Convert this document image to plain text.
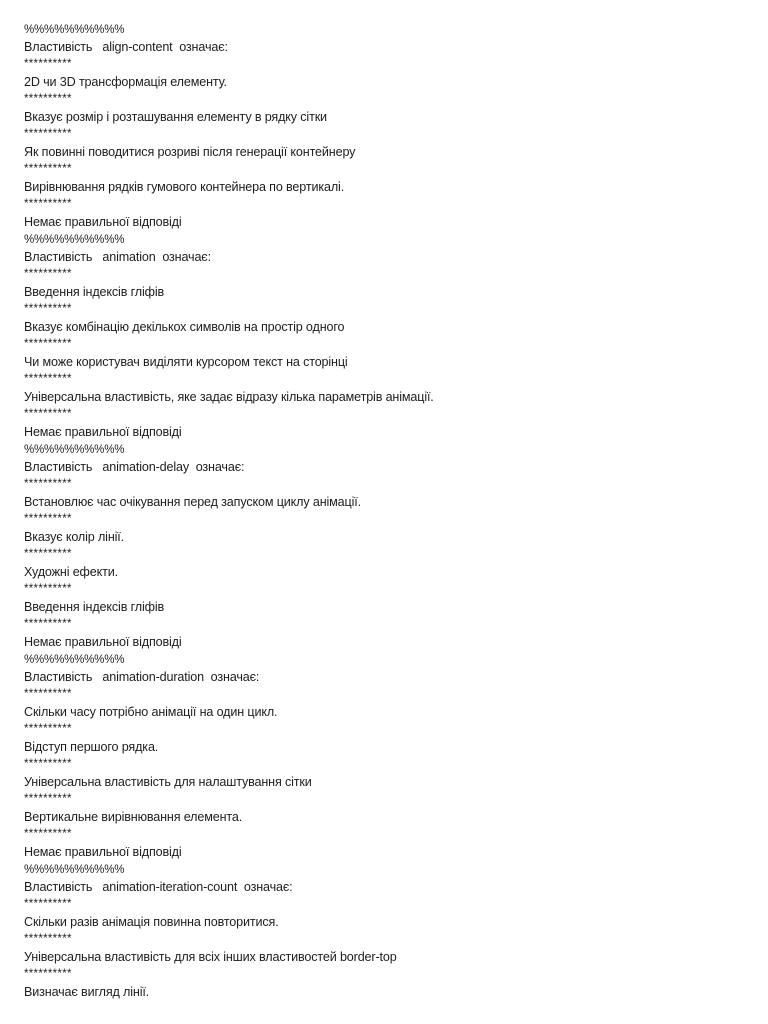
%%%%%%%%%%
Властивість   align-content  означає:
**********
2D чи 3D трансформація елементу.
**********
Вказує розмір і розташування елементу в рядку сітки
**********
Як повинні поводитися розриві після генерації контейнеру
**********
Вирівнювання рядків гумового контейнера по вертикалі.
**********
Немає правильної відповіді
%%%%%%%%%%
Властивість   animation  означає:
**********
Введення індексів гліфів
**********
Вказує комбінацію декількох символів на простір одного
**********
Чи може користувач виділяти курсором текст на сторінці
**********
Універсальна властивість, яке задає відразу кілька параметрів анімації.
**********
Немає правильної відповіді
%%%%%%%%%%
Властивість   animation-delay  означає:
**********
Встановлює час очікування перед запуском циклу анімації.
**********
Вказує колір лінії.
**********
Художні ефекти.
**********
Введення індексів гліфів
**********
Немає правильної відповіді
%%%%%%%%%%
Властивість   animation-duration  означає:
**********
Скільки часу потрібно анімації на один цикл.
**********
Відступ першого рядка.
**********
Універсальна властивість для налаштування сітки
**********
Вертикальне вирівнювання елемента.
**********
Немає правильної відповіді
%%%%%%%%%%
Властивість   animation-iteration-count  означає:
**********
Скільки разів анімація повинна повторитися.
**********
Універсальна властивість для всіх інших властивостей border-top
**********
Визначає вигляд лінії.
